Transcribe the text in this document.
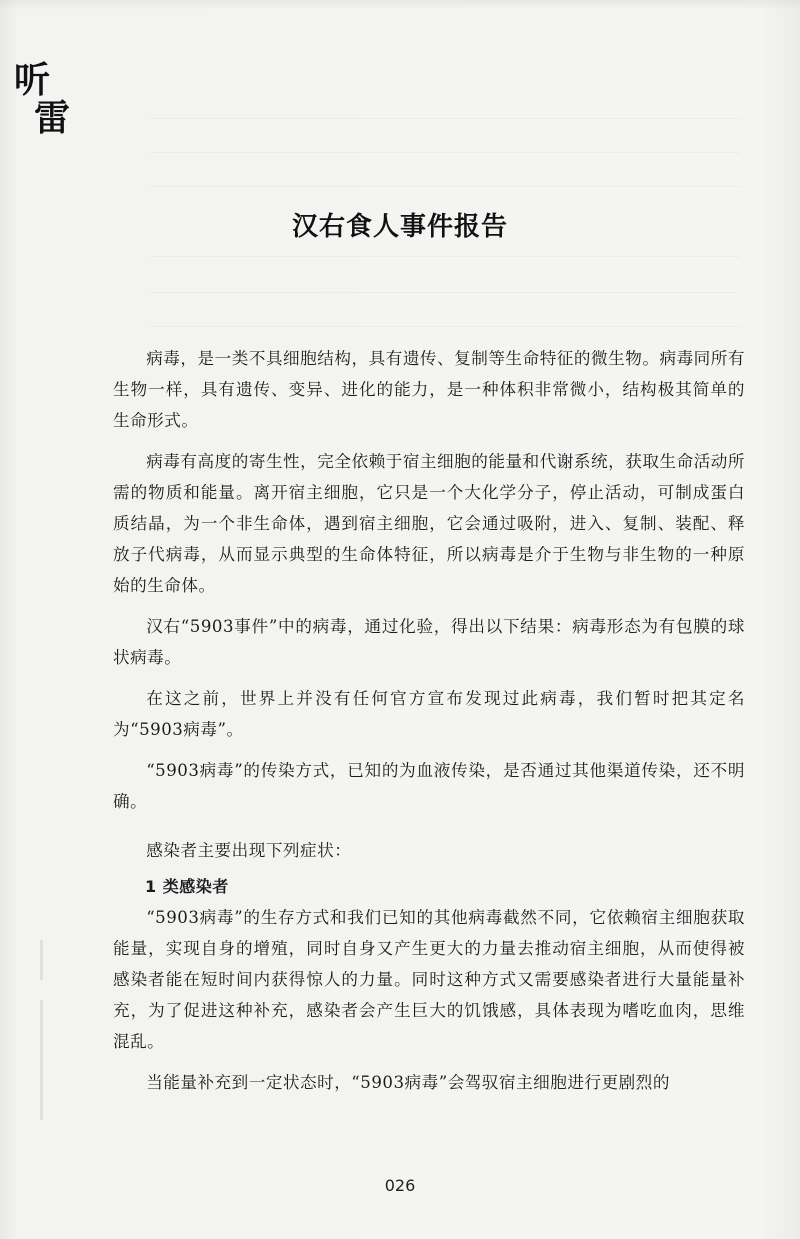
听
雷
汉右食人事件报告

病毒，是一类不具细胞结构，具有遗传、复制等生命特征的微生物。病毒同所有生物一样，具有遗传、变异、进化的能力，是一种体积非常微小，结构极其简单的生命形式。

病毒有高度的寄生性，完全依赖于宿主细胞的能量和代谢系统，获取生命活动所需的物质和能量。离开宿主细胞，它只是一个大化学分子，停止活动，可制成蛋白质结晶，为一个非生命体，遇到宿主细胞，它会通过吸附，进入、复制、装配、释放子代病毒，从而显示典型的生命体特征，所以病毒是介于生物与非生物的一种原始的生命体。

汉右“5903事件”中的病毒，通过化验，得出以下结果：病毒形态为有包膜的球状病毒。

在这之前，世界上并没有任何官方宣布发现过此病毒，我们暂时把其定名为“5903病毒”。

“5903病毒”的传染方式，已知的为血液传染，是否通过其他渠道传染，还不明确。

感染者主要出现下列症状：

1 类感染者

“5903病毒”的生存方式和我们已知的其他病毒截然不同，它依赖宿主细胞获取能量，实现自身的增殖，同时自身又产生更大的力量去推动宿主细胞，从而使得被感染者能在短时间内获得惊人的力量。同时这种方式又需要感染者进行大量能量补充，为了促进这种补充，感染者会产生巨大的饥饿感，具体表现为嗜吃血肉，思维混乱。

当能量补充到一定状态时，“5903病毒”会驾驭宿主细胞进行更剧烈的

026
